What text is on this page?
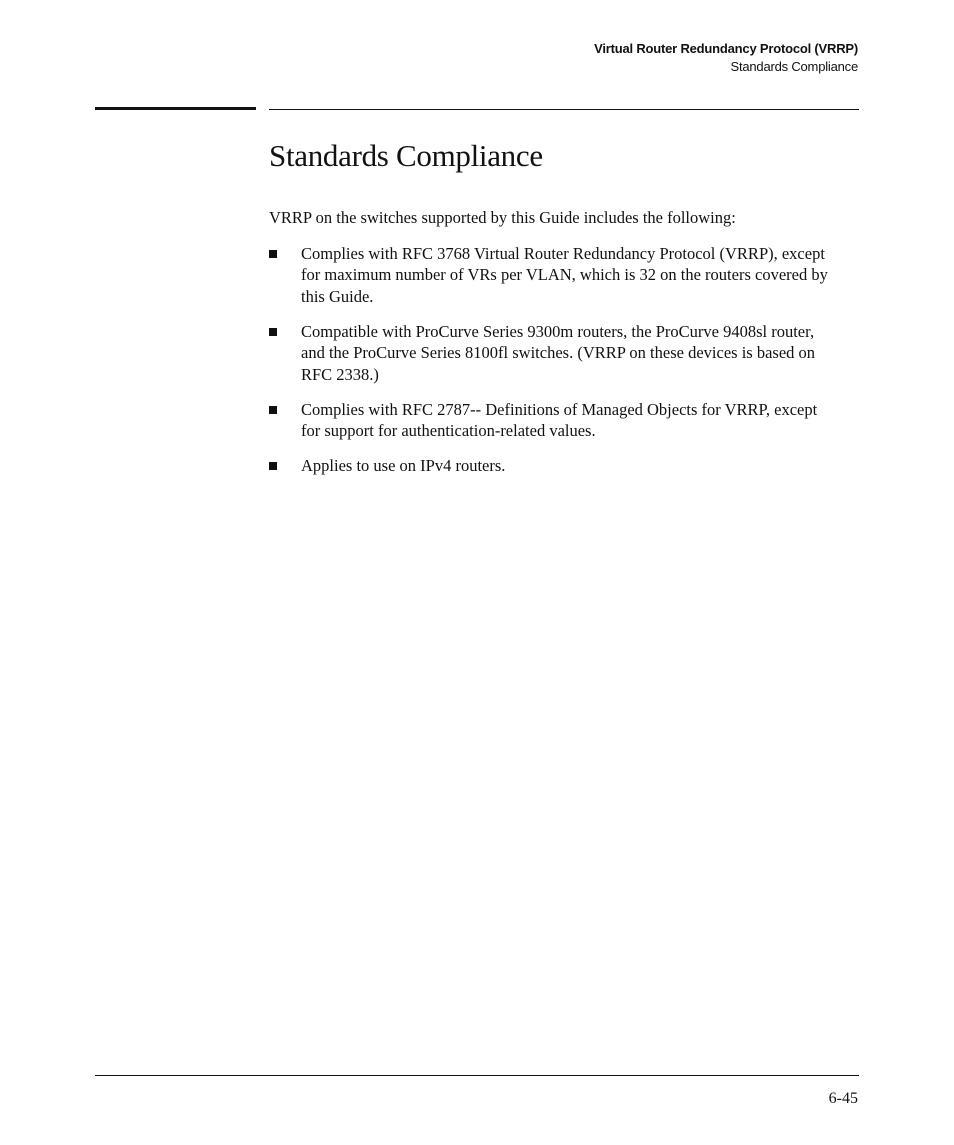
Virtual Router Redundancy Protocol (VRRP)
Standards Compliance
Standards Compliance

VRRP on the switches supported by this Guide includes the following:

Complies with RFC 3768 Virtual Router Redundancy Protocol (VRRP), except for maximum number of VRs per VLAN, which is 32 on the routers covered by this Guide.
Compatible with ProCurve Series 9300m routers, the ProCurve 9408sl router, and the ProCurve Series 8100fl switches. (VRRP on these devices is based on RFC 2338.)
Complies with RFC 2787-- Definitions of Managed Objects for VRRP, except for support for authentication-related values.
Applies to use on IPv4 routers.
6-45
